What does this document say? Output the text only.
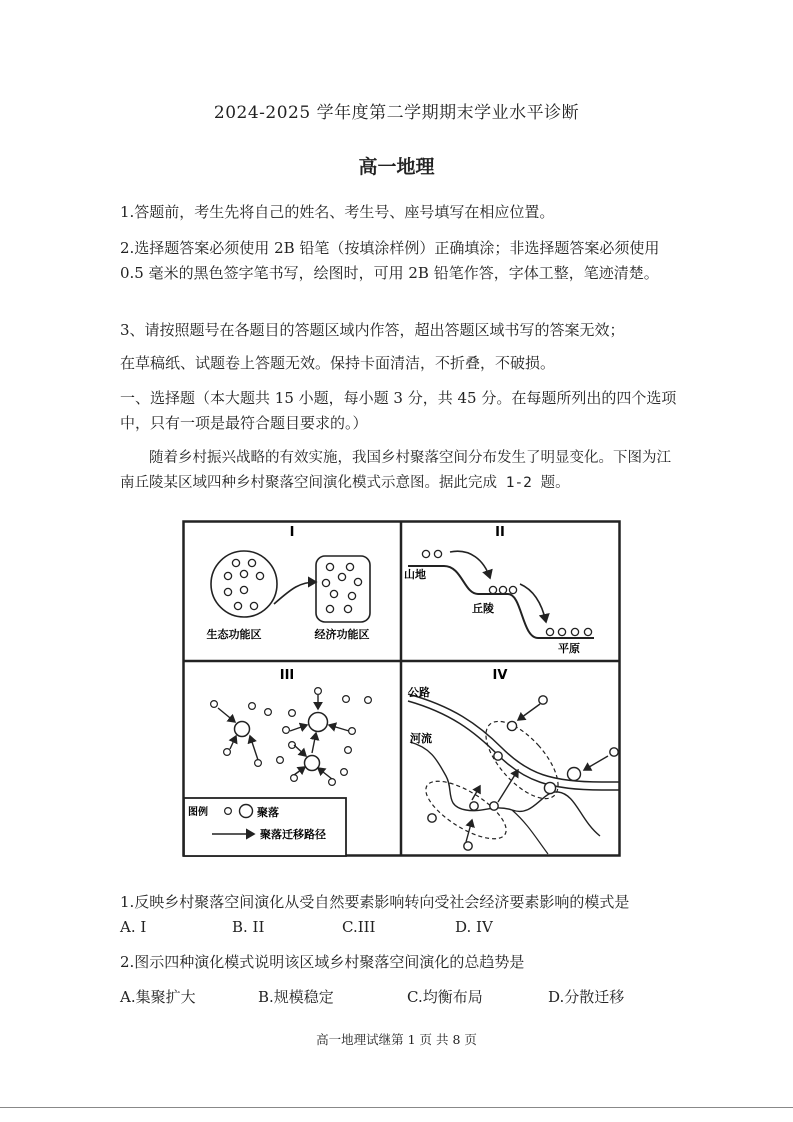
2024-2025 学年度第二学期期末学业水平诊断
高一地理
1.答题前，考生先将自己的姓名、考生号、座号填写在相应位置。
2.选择题答案必须使用 2B 铅笔（按填涂样例）正确填涂；非选择题答案必须使用 0.5 毫米的黑色签字笔书写，绘图时，可用 2B 铅笔作答，字体工整，笔迹清楚。
3、请按照题号在各题目的答题区域内作答，超出答题区域书写的答案无效；
在草稿纸、试题卷上答题无效。保持卡面清洁，不折叠，不破损。
一、选择题（本大题共 15 小题，每小题 3 分，共 45 分。在每题所列出的四个选项中，只有一项是最符合题目要求的。）
随着乡村振兴战略的有效实施，我国乡村聚落空间分布发生了明显变化。下图为江南丘陵某区域四种乡村聚落空间演化模式示意图。据此完成 1-2 题。
I
生态功能区	经济功能区
II
山地
丘陵
平原
III
图例	聚落
聚落迁移路径
IV
公路
河流
1.反映乡村聚落空间演化从受自然要素影响转向受社会经济要素影响的模式是
A. I	B. II	C.III	D. IV
2.图示四种演化模式说明该区域乡村聚落空间演化的总趋势是
A.集聚扩大	B.规模稳定	C.均衡布局	D.分散迁移
高一地理试继第 1 页 共 8 页
